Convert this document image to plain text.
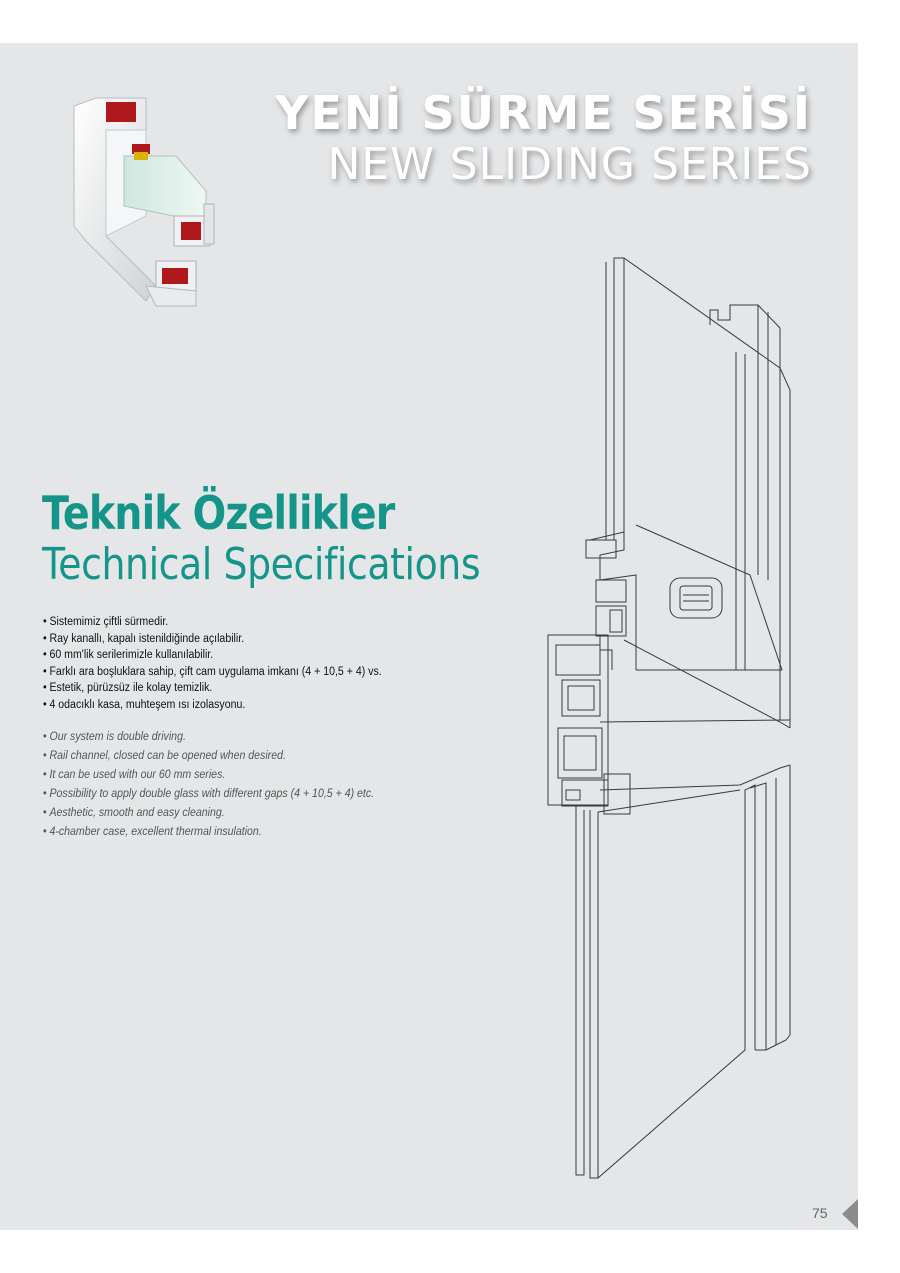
YENİ SÜRME SERİSİ
NEW SLIDING SERIES
Teknik Özellikler
Technical Specifications
• Sistemimiz çiftli sürmedir.
• Ray kanallı, kapalı istenildiğinde açılabilir.
• 60 mm'lik serilerimizle kullanılabilir.
• Farklı ara boşluklara sahip, çift cam uygulama imkanı (4 + 10,5 + 4) vs.
• Estetik, pürüzsüz ile kolay temizlik.
• 4 odacıklı kasa, muhteşem ısı izolasyonu.
• Our system is double driving.
• Rail channel, closed can be opened when desired.
• It can be used with our 60 mm series.
• Possibility to apply double glass with different gaps (4 + 10,5 + 4) etc.
• Aesthetic, smooth and easy cleaning.
• 4-chamber case, excellent thermal insulation.
75
